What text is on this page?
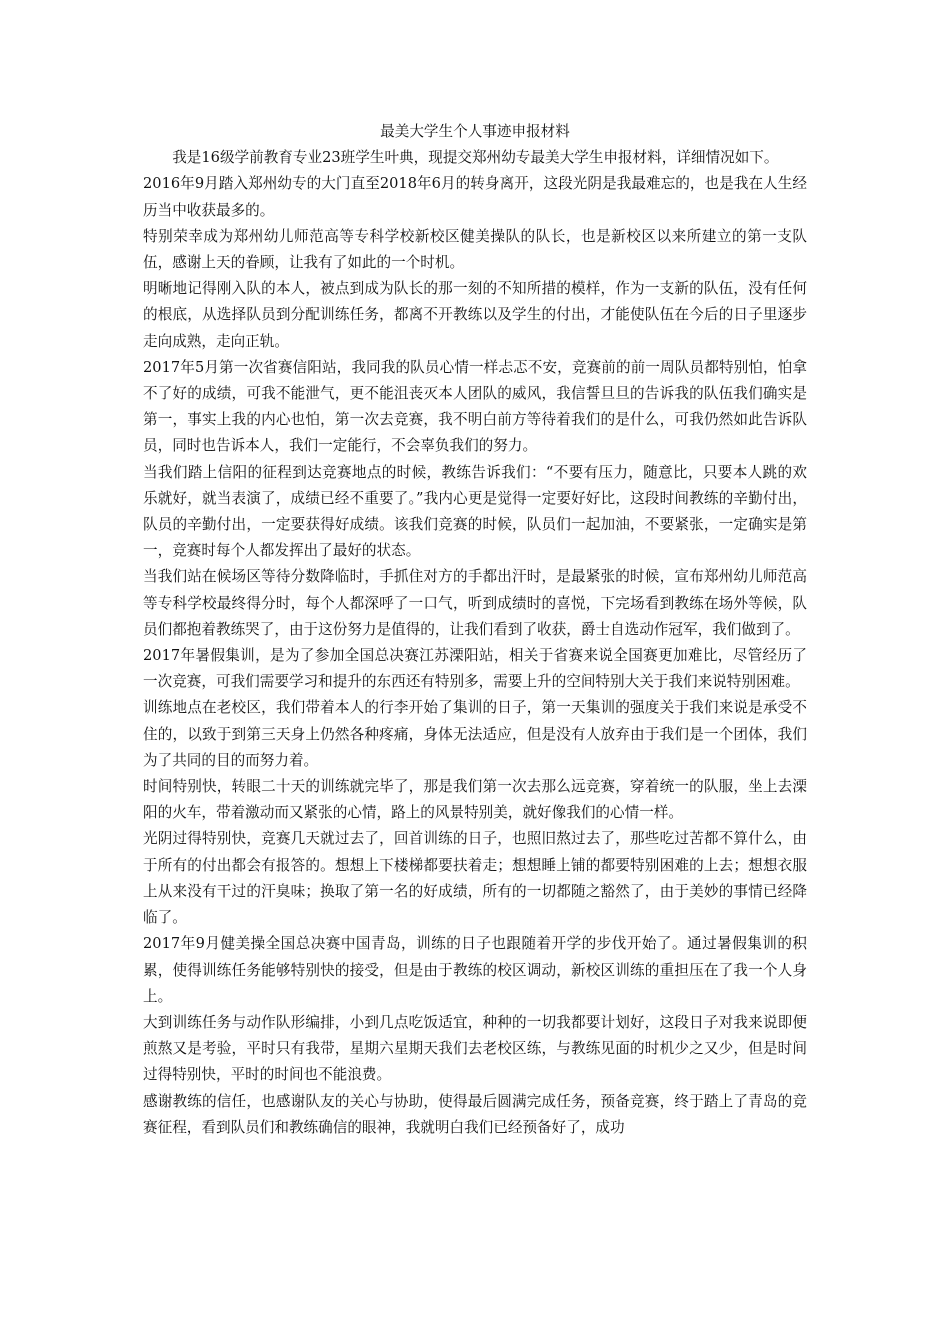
最美大学生个人事迹申报材料

我是16级学前教育专业23班学生叶典，现提交郑州幼专最美大学生申报材料，详细情况如下。

2016年9月踏入郑州幼专的大门直至2018年6月的转身离开，这段光阴是我最难忘的，也是我在人生经历当中收获最多的。

特别荣幸成为郑州幼儿师范高等专科学校新校区健美操队的队长，也是新校区以来所建立的第一支队伍，感谢上天的眷顾，让我有了如此的一个时机。

明晰地记得刚入队的本人，被点到成为队长的那一刻的不知所措的模样，作为一支新的队伍，没有任何的根底，从选择队员到分配训练任务，都离不开教练以及学生的付出，才能使队伍在今后的日子里逐步走向成熟，走向正轨。

2017年5月第一次省赛信阳站，我同我的队员心情一样忐忑不安，竞赛前的前一周队员都特别怕，怕拿不了好的成绩，可我不能泄气，更不能沮丧灭本人团队的威风，我信誓旦旦的告诉我的队伍我们确实是第一，事实上我的内心也怕，第一次去竞赛，我不明白前方等待着我们的是什么，可我仍然如此告诉队员，同时也告诉本人，我们一定能行，不会辜负我们的努力。

当我们踏上信阳的征程到达竞赛地点的时候，教练告诉我们：“不要有压力，随意比，只要本人跳的欢乐就好，就当表演了，成绩已经不重要了。”我内心更是觉得一定要好好比，这段时间教练的辛勤付出，队员的辛勤付出，一定要获得好成绩。该我们竞赛的时候，队员们一起加油，不要紧张，一定确实是第一，竞赛时每个人都发挥出了最好的状态。

当我们站在候场区等待分数降临时，手抓住对方的手都出汗时，是最紧张的时候，宣布郑州幼儿师范高等专科学校最终得分时，每个人都深呼了一口气，听到成绩时的喜悦，下完场看到教练在场外等候，队员们都抱着教练哭了，由于这份努力是值得的，让我们看到了收获，爵士自选动作冠军，我们做到了。

2017年暑假集训，是为了参加全国总决赛江苏溧阳站，相关于省赛来说全国赛更加难比，尽管经历了一次竞赛，可我们需要学习和提升的东西还有特别多，需要上升的空间特别大关于我们来说特别困难。

训练地点在老校区，我们带着本人的行李开始了集训的日子，第一天集训的强度关于我们来说是承受不住的，以致于到第三天身上仍然各种疼痛，身体无法适应，但是没有人放弃由于我们是一个团体，我们为了共同的目的而努力着。

时间特别快，转眼二十天的训练就完毕了，那是我们第一次去那么远竞赛，穿着统一的队服，坐上去溧阳的火车，带着激动而又紧张的心情，路上的风景特别美，就好像我们的心情一样。

光阴过得特别快，竞赛几天就过去了，回首训练的日子，也照旧熬过去了，那些吃过苦都不算什么，由于所有的付出都会有报答的。想想上下楼梯都要扶着走；想想睡上铺的都要特别困难的上去；想想衣服上从来没有干过的汗臭味；换取了第一名的好成绩，所有的一切都随之豁然了，由于美妙的事情已经降临了。

2017年9月健美操全国总决赛中国青岛，训练的日子也跟随着开学的步伐开始了。通过暑假集训的积累，使得训练任务能够特别快的接受，但是由于教练的校区调动，新校区训练的重担压在了我一个人身上。

大到训练任务与动作队形编排，小到几点吃饭适宜，种种的一切我都要计划好，这段日子对我来说即便煎熬又是考验，平时只有我带，星期六星期天我们去老校区练，与教练见面的时机少之又少，但是时间过得特别快，平时的时间也不能浪费。

感谢教练的信任，也感谢队友的关心与协助，使得最后圆满完成任务，预备竞赛，终于踏上了青岛的竞赛征程，看到队员们和教练确信的眼神，我就明白我们已经预备好了，成功
